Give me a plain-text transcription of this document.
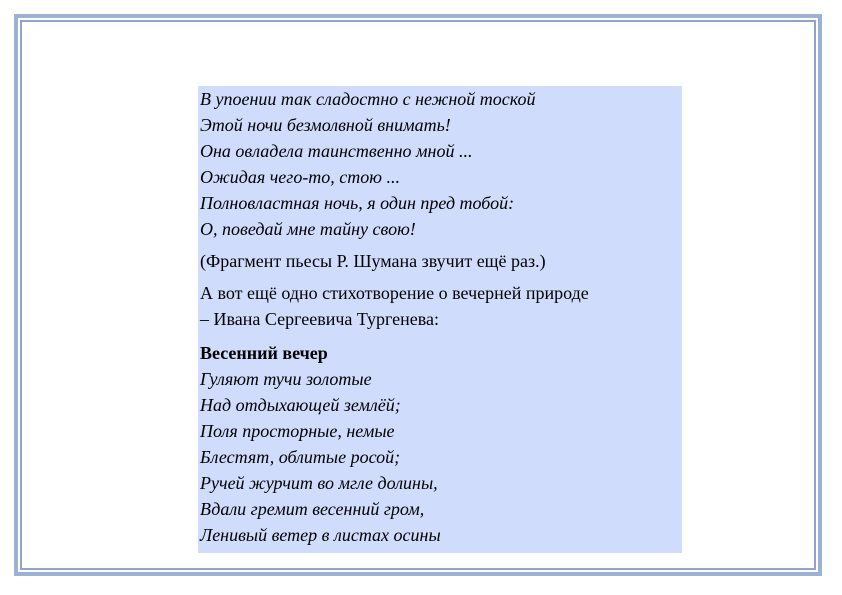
В упоении так сладостно с нежной тоской

Этой ночи безмолвной внимать!

Она овладела таинственно мной ...

Ожидая чего-то, стою ...

Полновластная ночь, я один пред тобой:

О, поведай мне тайну свою!

(Фрагмент пьесы Р. Шумана звучит ещё раз.)

А вот ещё одно стихотворение о вечерней природе

– Ивана Сергеевича Тургенева:

Весенний вечер

Гуляют тучи золотые

Над отдыхающей землёй;

Поля просторные, немые

Блестят, облитые росой;

Ручей журчит во мгле долины,

Вдали гремит весенний гром,

Ленивый ветер в листах осины
